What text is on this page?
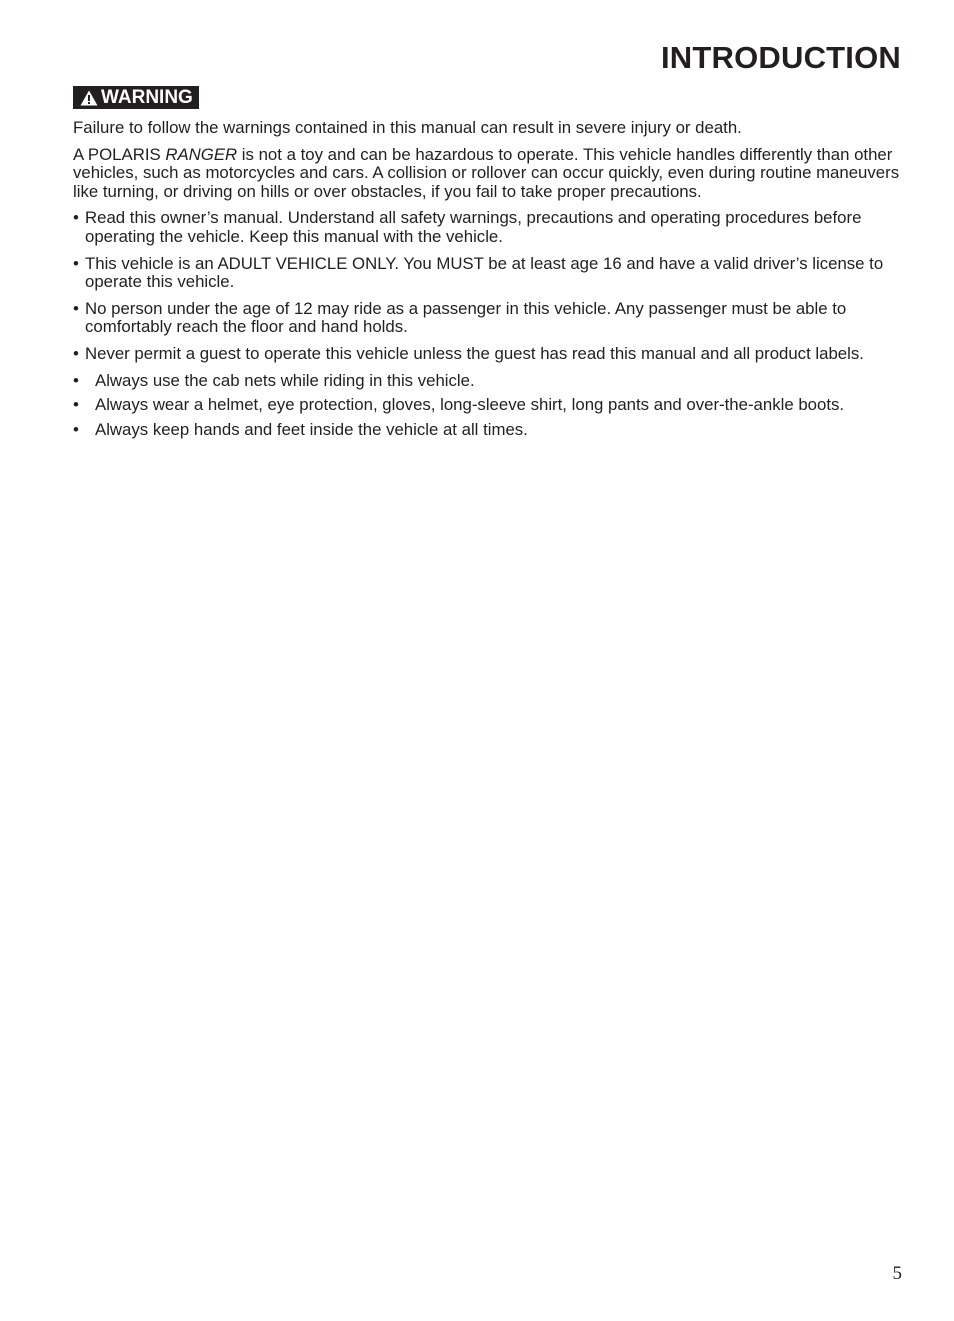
INTRODUCTION
WARNING

Failure to follow the warnings contained in this manual can result in severe injury or death.

A POLARIS RANGER is not a toy and can be hazardous to operate. This vehicle handles differently than other vehicles, such as motorcycles and cars. A collision or rollover can occur quickly, even during routine maneuvers like turning, or driving on hills or over obstacles, if you fail to take proper precautions.

• Read this owner’s manual. Understand all safety warnings, precautions and operating procedures before operating the vehicle. Keep this manual with the vehicle.
• This vehicle is an ADULT VEHICLE ONLY. You MUST be at least age 16 and have a valid driver’s license to operate this vehicle.
• No person under the age of 12 may ride as a passenger in this vehicle. Any passenger must be able to comfortably reach the floor and hand holds.
• Never permit a guest to operate this vehicle unless the guest has read this manual and all product labels.
• Always use the cab nets while riding in this vehicle.
• Always wear a helmet, eye protection, gloves, long-sleeve shirt, long pants and over-the-ankle boots.
• Always keep hands and feet inside the vehicle at all times.
5
